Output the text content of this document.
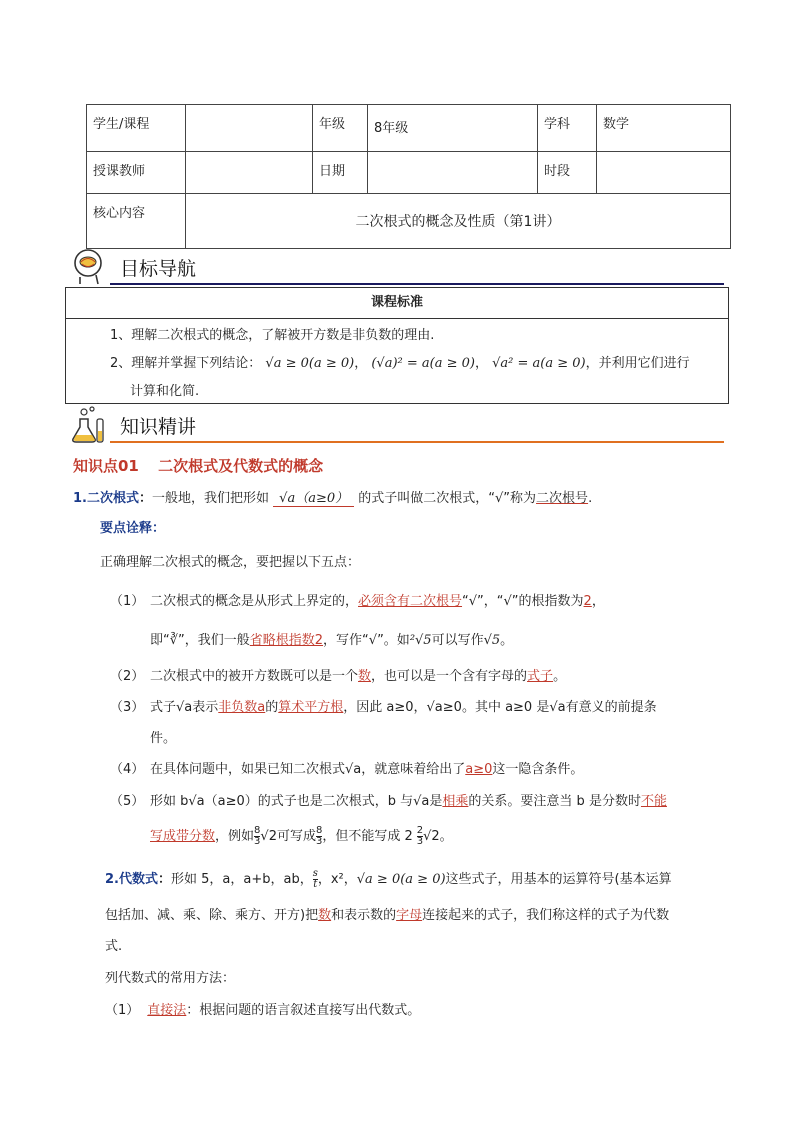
学生/课程		年级	8年级	学科	数学
授课教师		日期		时段	
核心内容	二次根式的概念及性质（第1讲）				
目标导航
课程标准
1、理解二次根式的概念，了解被开方数是非负数的理由.
2、理解并掌握下列结论： √a ≥ 0(a ≥ 0)， (√a)² = a(a ≥ 0)， √a² = a(a ≥ 0)，并利用它们进行
计算和化简.
知识精讲
知识点01 二次根式及代数式的概念
1.二次根式：一般地，我们把形如 √a（a≥0） 的式子叫做二次根式，“√”称为二次根号.
要点诠释：
正确理解二次根式的概念，要把握以下五点：
（1） 二次根式的概念是从形式上界定的，必须含有二次根号“√”，“√”的根指数为2，
即“∛”，我们一般省略根指数2，写作“√”。如²√5可以写作√5。
（2） 二次根式中的被开方数既可以是一个数，也可以是一个含有字母的式子。
（3） 式子√a表示非负数a的算术平方根，因此 a≥0，√a≥0。其中 a≥0 是√a有意义的前提条
件。
（4） 在具体问题中，如果已知二次根式√a，就意味着给出了a≥0这一隐含条件。
（5） 形如 b√a（a≥0）的式子也是二次根式，b 与√a是相乘的关系。要注意当 b 是分数时不能
写成带分数，例如 $\frac{8}{3} √2$可写成 $\frac{8}{3}$ ，但不能写成 $2 \frac{2}{3} √2$。
2.代数式：形如 5，a，a+b，ab， $\frac{s}{t}$ ，x²，√a ≥ 0(a ≥ 0)这些式子，用基本的运算符号(基本运算
包括加、减、乘、除、乘方、开方)把数和表示数的字母连接起来的式子，我们称这样的式子为代数
式.
列代数式的常用方法：
（1） 直接法：根据问题的语言叙述直接写出代数式。
